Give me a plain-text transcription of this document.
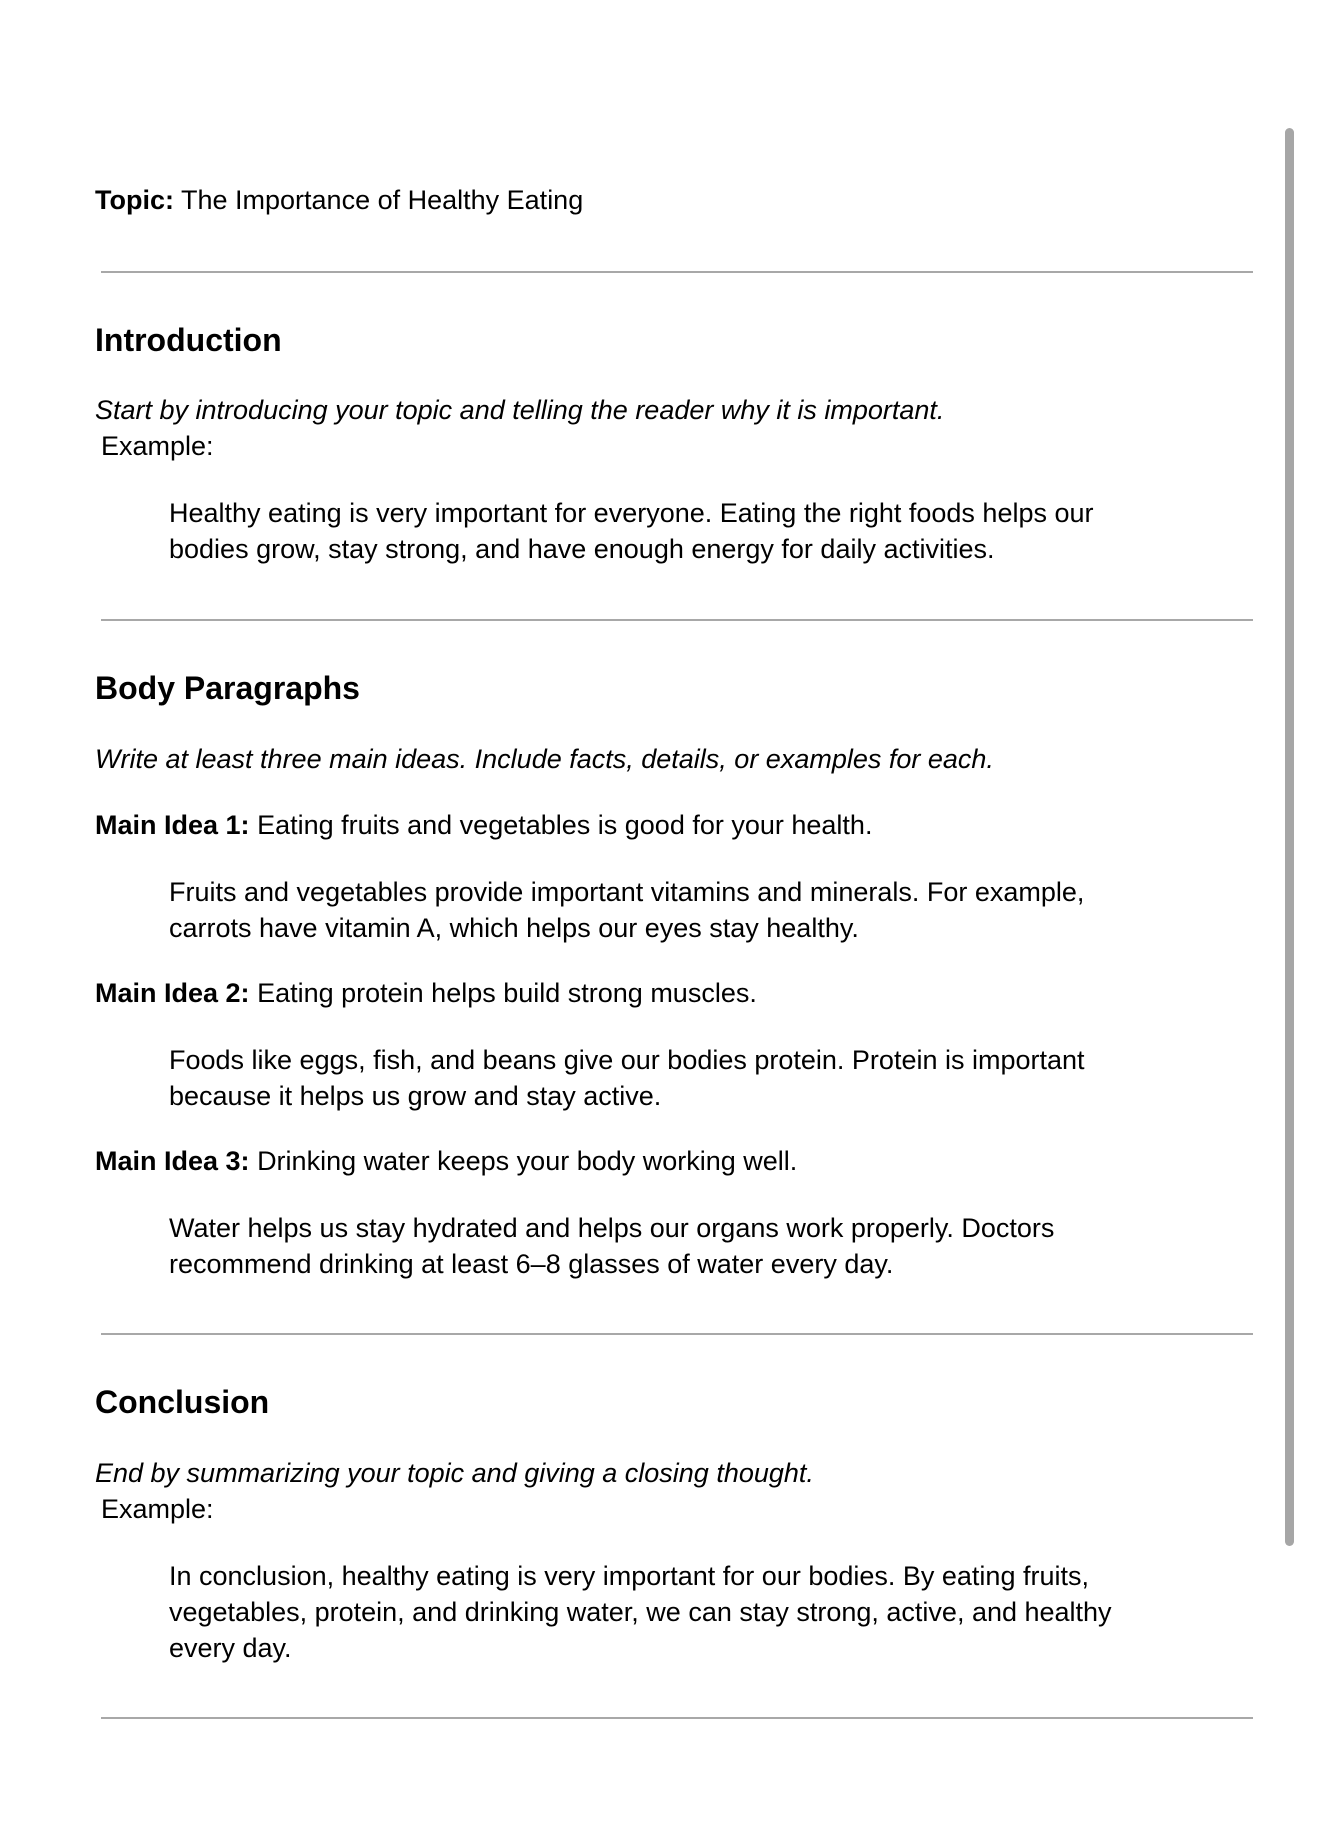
Topic: The Importance of Healthy Eating

Introduction

Start by introducing your topic and telling the reader why it is important.

Example:

Healthy eating is very important for everyone. Eating the right foods helps our
bodies grow, stay strong, and have enough energy for daily activities.
Body Paragraphs

Write at least three main ideas. Include facts, details, or examples for each.

Main Idea 1: Eating fruits and vegetables is good for your health.

Fruits and vegetables provide important vitamins and minerals. For example,
carrots have vitamin A, which helps our eyes stay healthy.

Main Idea 2: Eating protein helps build strong muscles.

Foods like eggs, fish, and beans give our bodies protein. Protein is important
because it helps us grow and stay active.

Main Idea 3: Drinking water keeps your body working well.

Water helps us stay hydrated and helps our organs work properly. Doctors
recommend drinking at least 6–8 glasses of water every day.
Conclusion

End by summarizing your topic and giving a closing thought.

Example:

In conclusion, healthy eating is very important for our bodies. By eating fruits,
vegetables, protein, and drinking water, we can stay strong, active, and healthy
every day.
